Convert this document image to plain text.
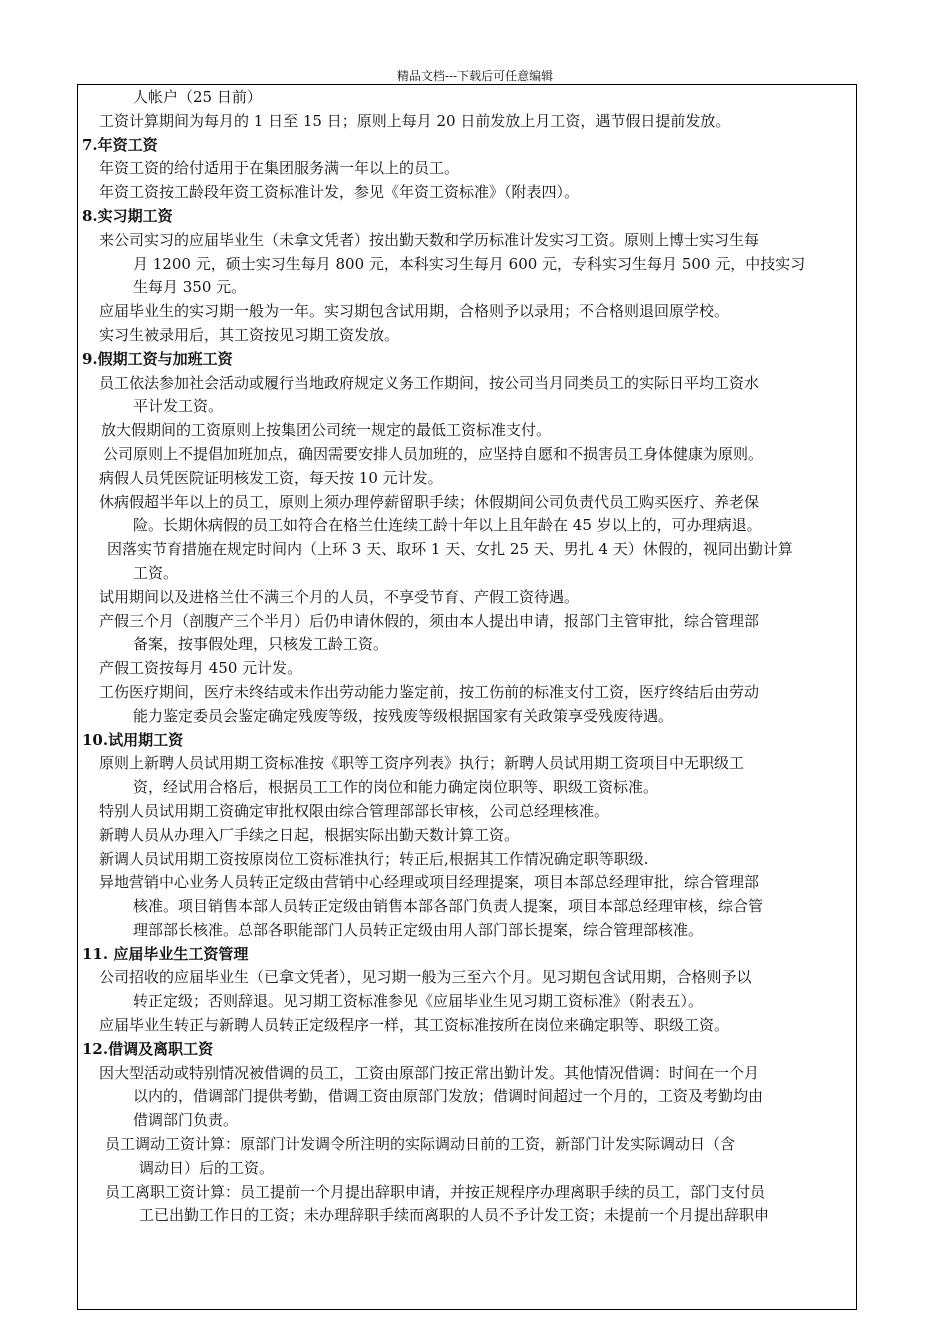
精品文档---下载后可任意编辑
人帐户（25 日前）
工资计算期间为每月的 1 日至 15 日；原则上每月 20 日前发放上月工资，遇节假日提前发放。
7.年资工资
年资工资的给付适用于在集团服务满一年以上的员工。
年资工资按工龄段年资工资标准计发，参见《年资工资标准》（附表四）。
8.实习期工资
来公司实习的应届毕业生（未拿文凭者）按出勤天数和学历标准计发实习工资。原则上博士实习生每
月 1200 元，硕士实习生每月 800 元，本科实习生每月 600 元，专科实习生每月 500 元，中技实习
生每月 350 元。
应届毕业生的实习期一般为一年。实习期包含试用期，合格则予以录用；不合格则退回原学校。
实习生被录用后，其工资按见习期工资发放。
9.假期工资与加班工资
员工依法参加社会活动或履行当地政府规定义务工作期间，按公司当月同类员工的实际日平均工资水
平计发工资。
放大假期间的工资原则上按集团公司统一规定的最低工资标准支付。
公司原则上不提倡加班加点，确因需要安排人员加班的，应坚持自愿和不损害员工身体健康为原则。
病假人员凭医院证明核发工资，每天按 10 元计发。
休病假超半年以上的员工，原则上须办理停薪留职手续；休假期间公司负责代员工购买医疗、养老保
险。长期休病假的员工如符合在格兰仕连续工龄十年以上且年龄在 45 岁以上的，可办理病退。
因落实节育措施在规定时间内（上环 3 天、取环 1 天、女扎 25 天、男扎 4 天）休假的，视同出勤计算
工资。
试用期间以及进格兰仕不满三个月的人员，不享受节育、产假工资待遇。
产假三个月（剖腹产三个半月）后仍申请休假的，须由本人提出申请，报部门主管审批，综合管理部
备案，按事假处理，只核发工龄工资。
产假工资按每月 450 元计发。
工伤医疗期间，医疗未终结或未作出劳动能力鉴定前，按工伤前的标准支付工资，医疗终结后由劳动
能力鉴定委员会鉴定确定残废等级，按残废等级根据国家有关政策享受残废待遇。
10.试用期工资
原则上新聘人员试用期工资标准按《职等工资序列表》执行；新聘人员试用期工资项目中无职级工
资，经试用合格后，根据员工工作的岗位和能力确定岗位职等、职级工资标准。
特别人员试用期工资确定审批权限由综合管理部部长审核，公司总经理核准。
新聘人员从办理入厂手续之日起，根据实际出勤天数计算工资。
新调人员试用期工资按原岗位工资标准执行；转正后,根据其工作情况确定职等职级.
异地营销中心业务人员转正定级由营销中心经理或项目经理提案，项目本部总经理审批，综合管理部
核准。项目销售本部人员转正定级由销售本部各部门负责人提案，项目本部总经理审核，综合管
理部部长核准。总部各职能部门人员转正定级由用人部门部长提案，综合管理部核准。
11. 应届毕业生工资管理
公司招收的应届毕业生（已拿文凭者），见习期一般为三至六个月。见习期包含试用期，合格则予以
转正定级；否则辞退。见习期工资标准参见《应届毕业生见习期工资标准》（附表五）。
应届毕业生转正与新聘人员转正定级程序一样，其工资标准按所在岗位来确定职等、职级工资。
12.借调及离职工资
因大型活动或特别情况被借调的员工，工资由原部门按正常出勤计发。其他情况借调：时间在一个月
以内的，借调部门提供考勤，借调工资由原部门发放；借调时间超过一个月的，工资及考勤均由
借调部门负责。
员工调动工资计算：原部门计发调令所注明的实际调动日前的工资，新部门计发实际调动日（含
调动日）后的工资。
员工离职工资计算：员工提前一个月提出辞职申请，并按正规程序办理离职手续的员工，部门支付员
工已出勤工作日的工资；未办理辞职手续而离职的人员不予计发工资；未提前一个月提出辞职申
